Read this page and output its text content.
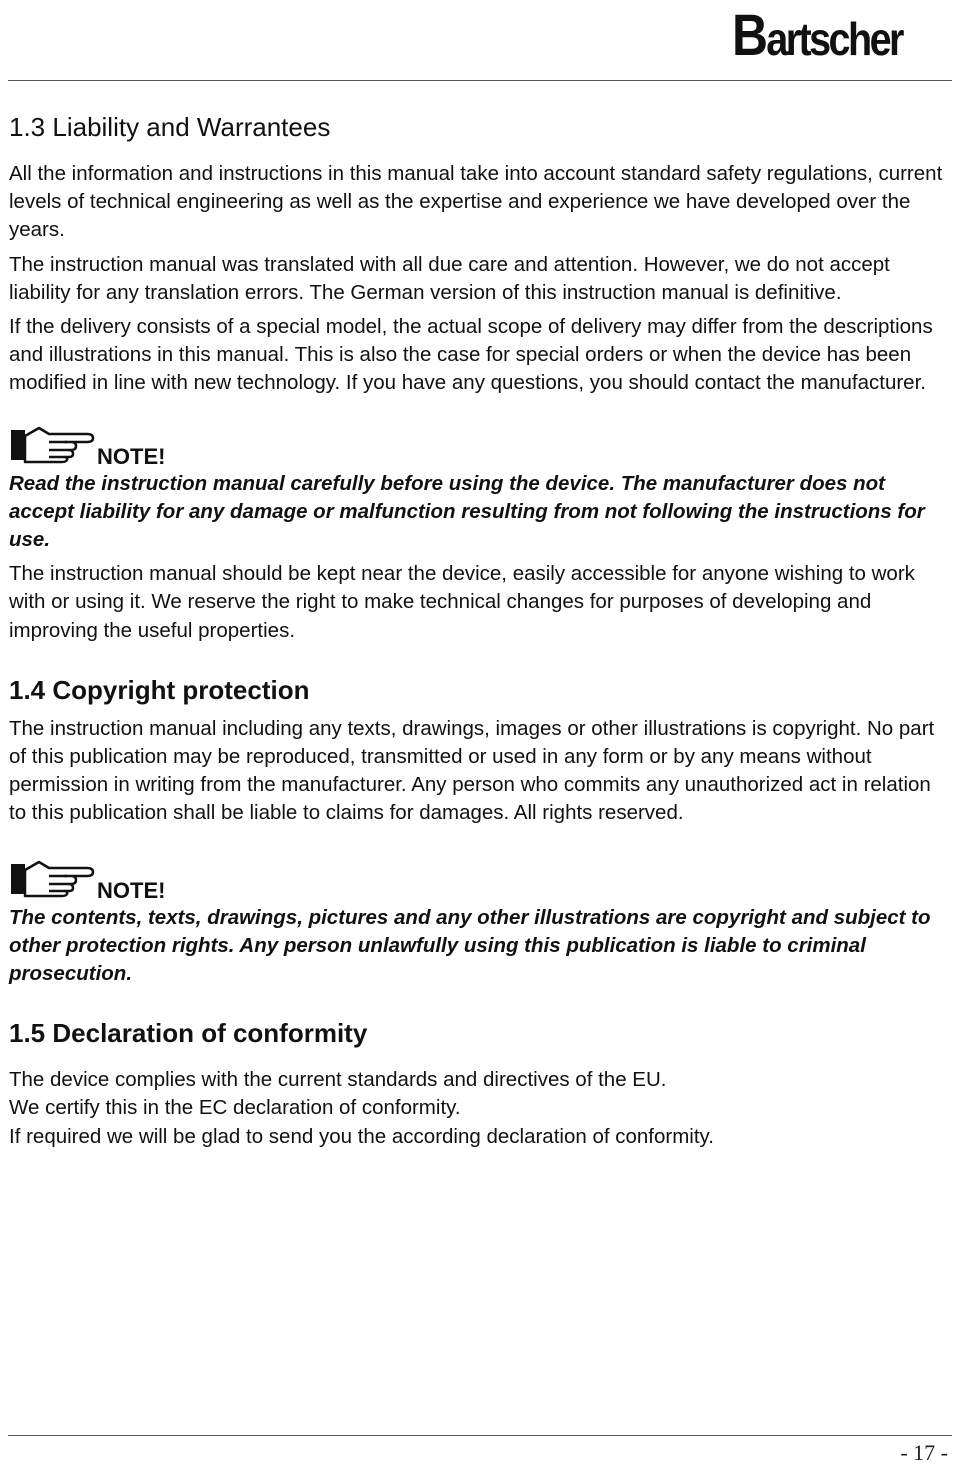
Bartscher
1.3 Liability and Warrantees

All the information and instructions in this manual take into account standard safety regulations, current levels of technical engineering as well as the expertise and experience we have developed over the years.

The instruction manual was translated with all due care and attention. However, we do not accept liability for any translation errors. The German version of this instruction manual is definitive.

If the delivery consists of a special model, the actual scope of delivery may differ from the descriptions and illustrations in this manual. This is also the case for special orders or when the device has been modified in line with new technology. If you have any questions, you should contact the manufacturer.

NOTE!

Read the instruction manual carefully before using the device. The manufacturer does not accept liability for any damage or malfunction resulting from not following the instructions for use.

The instruction manual should be kept near the device, easily accessible for anyone wishing to work with or using it. We reserve the right to make technical changes for purposes of developing and improving the useful properties.

1.4 Copyright protection

The instruction manual including any texts, drawings, images or other illustrations is copyright. No part of this publication may be reproduced, transmitted or used in any form or by any means without permission in writing from the manufacturer. Any person who commits any unauthorized act in relation to this publication shall be liable to claims for damages. All rights reserved.

NOTE!

The contents, texts, drawings, pictures and any other illustrations are copyright and subject to other protection rights. Any person unlawfully using this publication is liable to criminal prosecution.

1.5 Declaration of conformity

The device complies with the current standards and directives of the EU.

We certify this in the EC declaration of conformity.

If required we will be glad to send you the according declaration of conformity.

- 17 -
